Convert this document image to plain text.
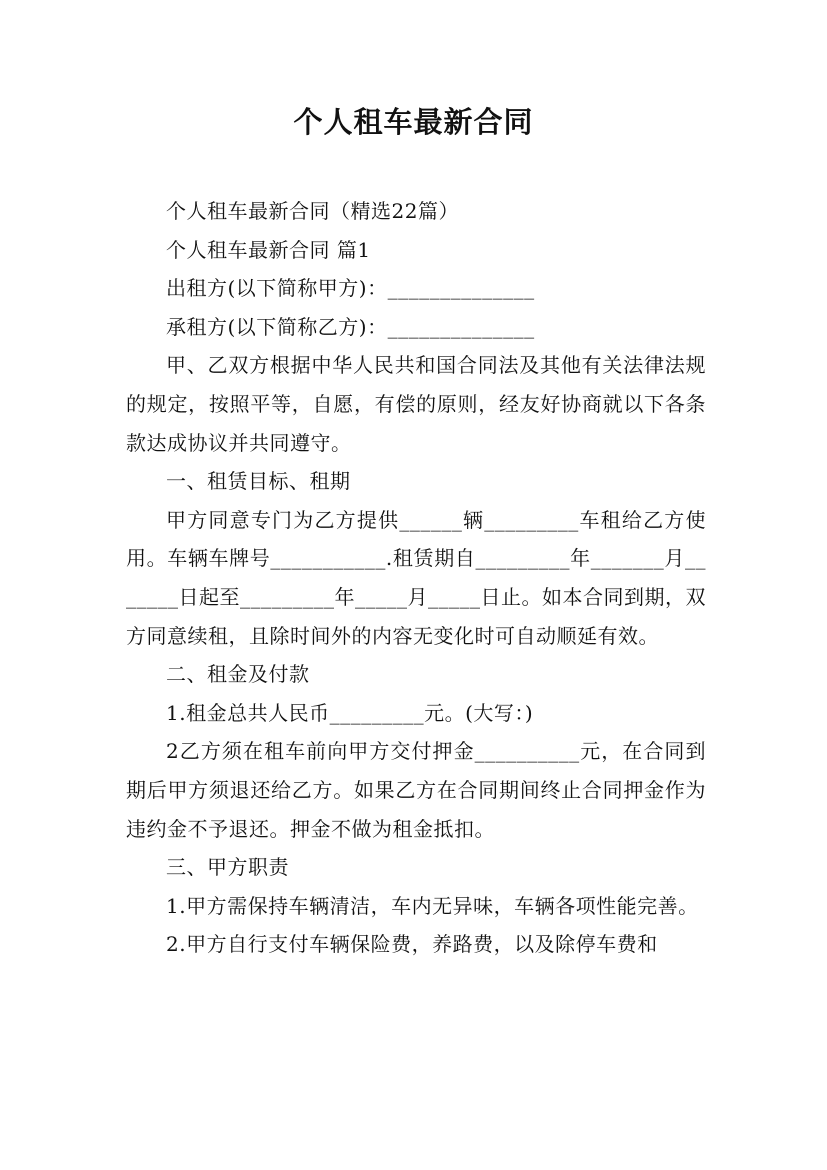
个人租车最新合同

个人租车最新合同（精选22篇）

个人租车最新合同 篇1

出租方(以下简称甲方)：______________

承租方(以下简称乙方)：______________

甲、乙双方根据中华人民共和国合同法及其他有关法律法规的规定，按照平等，自愿，有偿的原则，经友好协商就以下各条款达成协议并共同遵守。

一、租赁目标、租期

甲方同意专门为乙方提供______辆_________车租给乙方使用。车辆车牌号___________.租赁期自_________年_______月_______日起至_________年_____月_____日止。如本合同到期，双方同意续租，且除时间外的内容无变化时可自动顺延有效。

二、租金及付款

1.租金总共人民币_________元。(大写：)

2乙方须在租车前向甲方交付押金__________元，在合同到期后甲方须退还给乙方。如果乙方在合同期间终止合同押金作为违约金不予退还。押金不做为租金抵扣。

三、甲方职责

1.甲方需保持车辆清洁，车内无异味，车辆各项性能完善。

2.甲方自行支付车辆保险费，养路费，以及除停车费和
